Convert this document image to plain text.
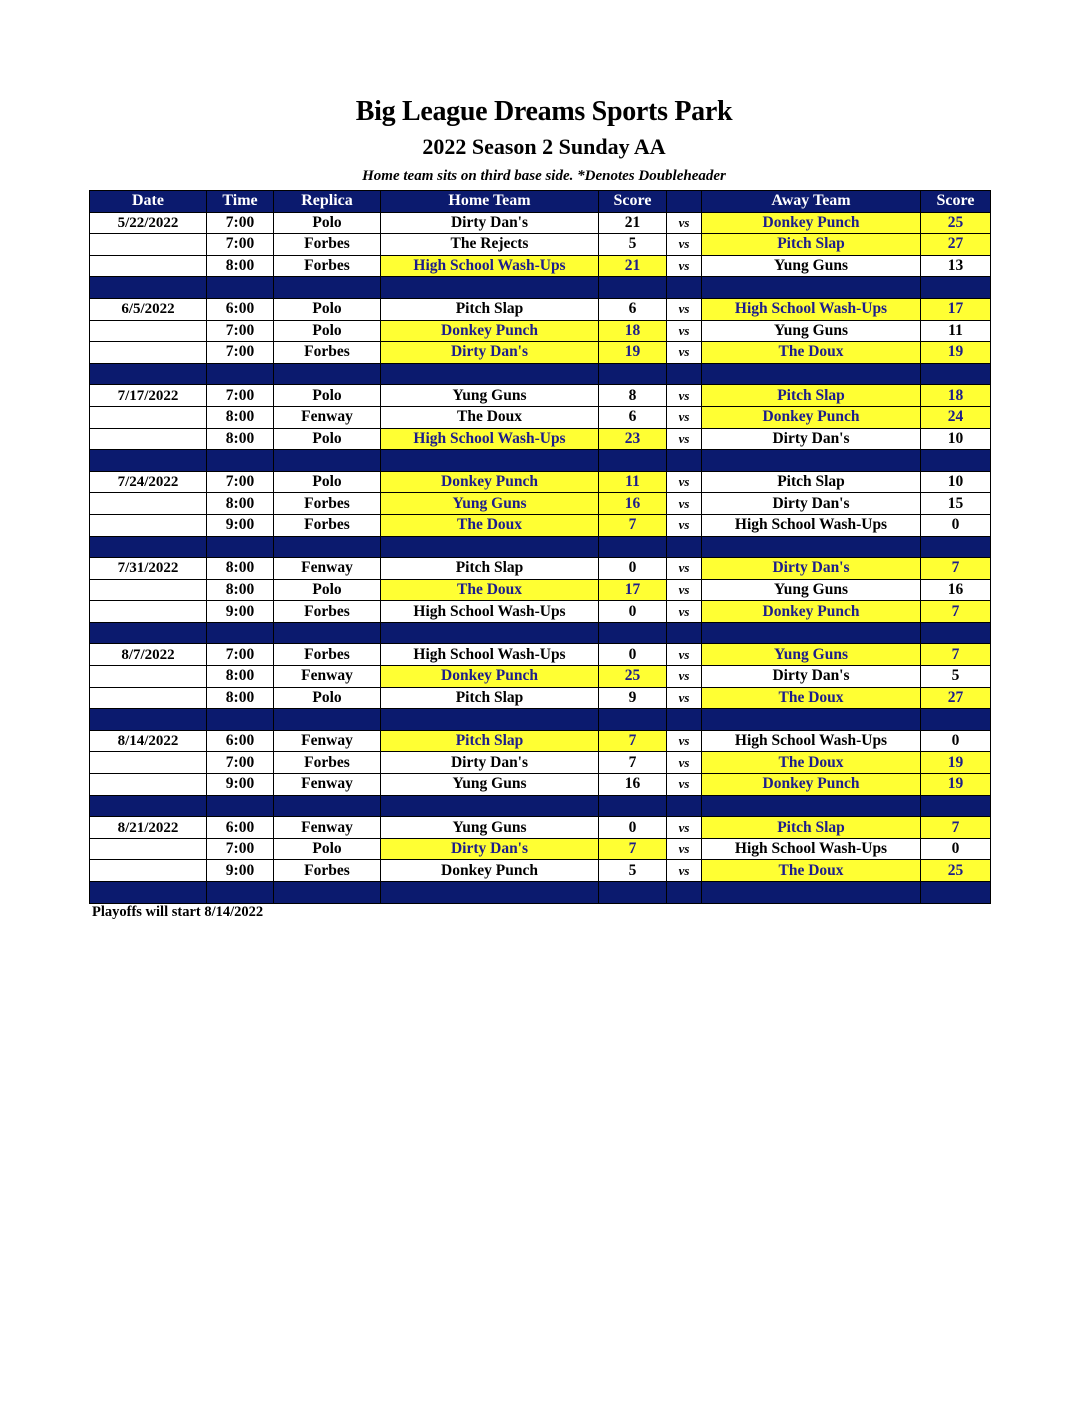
Big League Dreams Sports Park
2022 Season 2 Sunday AA
Home team sits on third base side. *Denotes Doubleheader
Date	Time	Replica	Home Team	Score		Away Team	Score
5/22/2022	7:00	Polo	Dirty Dan's	21	vs	Donkey Punch	25
	7:00	Forbes	The Rejects	5	vs	Pitch Slap	27
	8:00	Forbes	High School Wash-Ups	21	vs	Yung Guns	13

6/5/2022	6:00	Polo	Pitch Slap	6	vs	High School Wash-Ups	17
	7:00	Polo	Donkey Punch	18	vs	Yung Guns	11
	7:00	Forbes	Dirty Dan's	19	vs	The Doux	19

7/17/2022	7:00	Polo	Yung Guns	8	vs	Pitch Slap	18
	8:00	Fenway	The Doux	6	vs	Donkey Punch	24
	8:00	Polo	High School Wash-Ups	23	vs	Dirty Dan's	10

7/24/2022	7:00	Polo	Donkey Punch	11	vs	Pitch Slap	10
	8:00	Forbes	Yung Guns	16	vs	Dirty Dan's	15
	9:00	Forbes	The Doux	7	vs	High School Wash-Ups	0

7/31/2022	8:00	Fenway	Pitch Slap	0	vs	Dirty Dan's	7
	8:00	Polo	The Doux	17	vs	Yung Guns	16
	9:00	Forbes	High School Wash-Ups	0	vs	Donkey Punch	7

8/7/2022	7:00	Forbes	High School Wash-Ups	0	vs	Yung Guns	7
	8:00	Fenway	Donkey Punch	25	vs	Dirty Dan's	5
	8:00	Polo	Pitch Slap	9	vs	The Doux	27

8/14/2022	6:00	Fenway	Pitch Slap	7	vs	High School Wash-Ups	0
	7:00	Forbes	Dirty Dan's	7	vs	The Doux	19
	9:00	Fenway	Yung Guns	16	vs	Donkey Punch	19

8/21/2022	6:00	Fenway	Yung Guns	0	vs	Pitch Slap	7
	7:00	Polo	Dirty Dan's	7	vs	High School Wash-Ups	0
	9:00	Forbes	Donkey Punch	5	vs	The Doux	25

Playoffs will start 8/14/2022
